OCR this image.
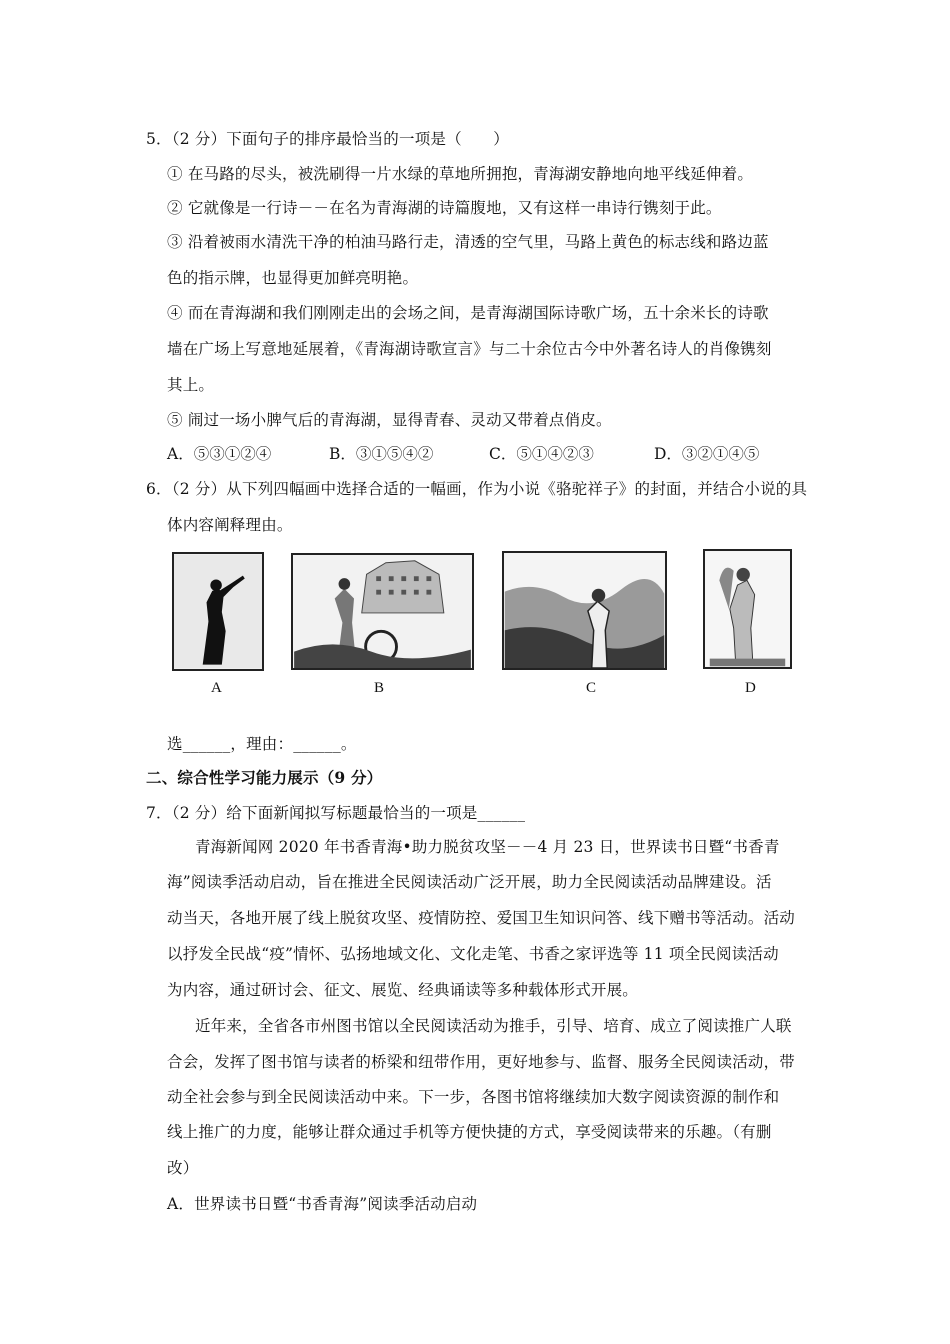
5．（2 分）下面句子的排序最恰当的一项是（　　）
① 在马路的尽头，被洗刷得一片水绿的草地所拥抱，青海湖安静地向地平线延伸着。
② 它就像是一行诗－－在名为青海湖的诗篇腹地，又有这样一串诗行镌刻于此。
③ 沿着被雨水清洗干净的柏油马路行走，清透的空气里，马路上黄色的标志线和路边蓝
色的指示牌，也显得更加鲜亮明艳。
④ 而在青海湖和我们刚刚走出的会场之间，是青海湖国际诗歌广场，五十余米长的诗歌
墙在广场上写意地延展着，《青海湖诗歌宣言》与二十余位古今中外著名诗人的肖像镌刻
其上。
⑤ 闹过一场小脾气后的青海湖，显得青春、灵动又带着点俏皮。
A．⑤③①②④	B．③①⑤④②	C．⑤①④②③	D．③②①④⑤
6．（2 分）从下列四幅画中选择合适的一幅画，作为小说《骆驼祥子》的封面，并结合小说的具
体内容阐释理由。
A	B	C	D
选______，理由：______。
二、综合性学习能力展示（9 分）
7．（2 分）给下面新闻拟写标题最恰当的一项是______
青海新闻网 2020 年书香青海•助力脱贫攻坚－－4 月 23 日，世界读书日暨“书香青
海”阅读季活动启动，旨在推进全民阅读活动广泛开展，助力全民阅读活动品牌建设。活
动当天，各地开展了线上脱贫攻坚、疫情防控、爱国卫生知识问答、线下赠书等活动。活动
以抒发全民战“疫”情怀、弘扬地域文化、文化走笔、书香之家评选等 11 项全民阅读活动
为内容，通过研讨会、征文、展览、经典诵读等多种载体形式开展。
近年来，全省各市州图书馆以全民阅读活动为推手，引导、培育、成立了阅读推广人联
合会，发挥了图书馆与读者的桥梁和纽带作用，更好地参与、监督、服务全民阅读活动，带
动全社会参与到全民阅读活动中来。下一步，各图书馆将继续加大数字阅读资源的制作和
线上推广的力度，能够让群众通过手机等方便快捷的方式，享受阅读带来的乐趣。（有删
改）
A．世界读书日暨“书香青海”阅读季活动启动
